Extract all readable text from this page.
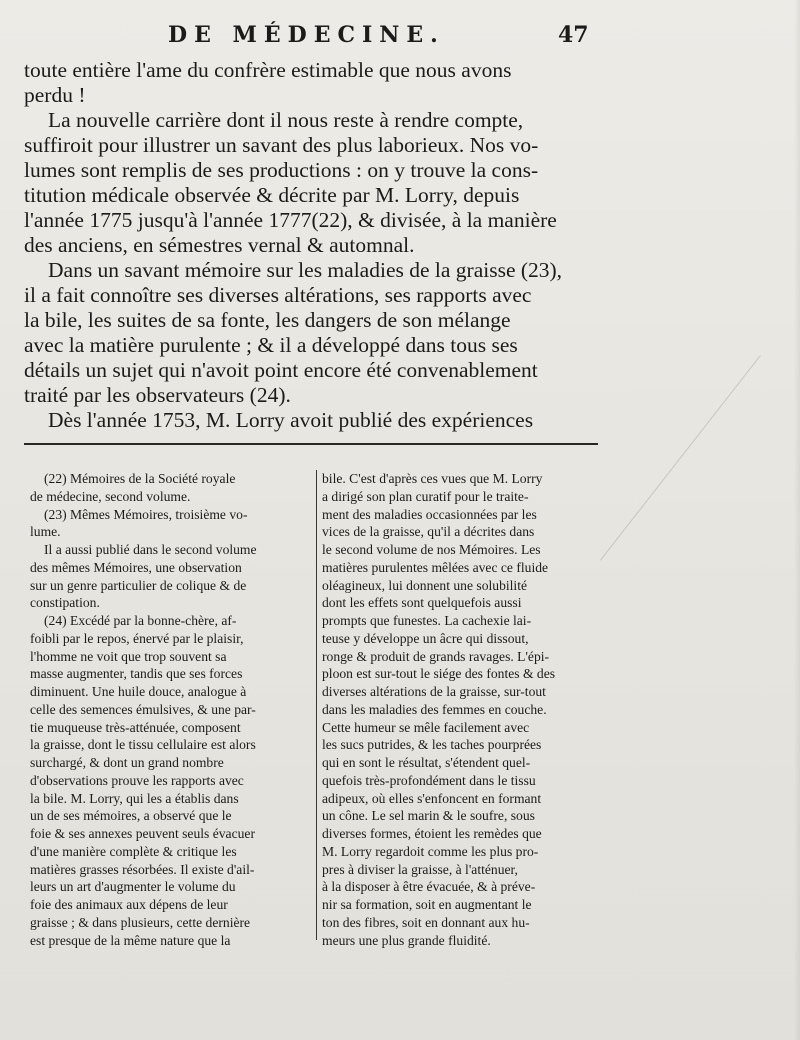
DE MÉDECINE.	47
toute entière l'ame du confrère estimable que nous avons
perdu !
La nouvelle carrière dont il nous reste à rendre compte,
suffiroit pour illustrer un savant des plus laborieux. Nos vo-
lumes sont remplis de ses productions : on y trouve la cons-
titution médicale observée & décrite par M. Lorry, depuis
l'année 1775 jusqu'à l'année 1777(22), & divisée, à la manière
des anciens, en sémestres vernal & automnal.
Dans un savant mémoire sur les maladies de la graisse (23),
il a fait connoître ses diverses altérations, ses rapports avec
la bile, les suites de sa fonte, les dangers de son mélange
avec la matière purulente ; & il a développé dans tous ses
détails un sujet qui n'avoit point encore été convenablement
traité par les observateurs (24).
Dès l'année 1753, M. Lorry avoit publié des expériences
(22) Mémoires de la Société royale
de médecine, second volume.
(23) Mêmes Mémoires, troisième vo-
lume.
Il a aussi publié dans le second volume
des mêmes Mémoires, une observation
sur un genre particulier de colique & de
constipation.
(24) Excédé par la bonne-chère, af-
foibli par le repos, énervé par le plaisir,
l'homme ne voit que trop souvent sa
masse augmenter, tandis que ses forces
diminuent. Une huile douce, analogue à
celle des semences émulsives, & une par-
tie muqueuse très-atténuée, composent
la graisse, dont le tissu cellulaire est alors
surchargé, & dont un grand nombre
d'observations prouve les rapports avec
la bile. M. Lorry, qui les a établis dans
un de ses mémoires, a observé que le
foie & ses annexes peuvent seuls évacuer
d'une manière complète & critique les
matières grasses résorbées. Il existe d'ail-
leurs un art d'augmenter le volume du
foie des animaux aux dépens de leur
graisse ; & dans plusieurs, cette dernière
est presque de la même nature que la
bile. C'est d'après ces vues que M. Lorry
a dirigé son plan curatif pour le traite-
ment des maladies occasionnées par les
vices de la graisse, qu'il a décrites dans
le second volume de nos Mémoires. Les
matières purulentes mêlées avec ce fluide
oléagineux, lui donnent une solubilité
dont les effets sont quelquefois aussi
prompts que funestes. La cachexie lai-
teuse y développe un âcre qui dissout,
ronge & produit de grands ravages. L'épi-
ploon est sur-tout le siége des fontes & des
diverses altérations de la graisse, sur-tout
dans les maladies des femmes en couche.
Cette humeur se mêle facilement avec
les sucs putrides, & les taches pourprées
qui en sont le résultat, s'étendent quel-
quefois très-profondément dans le tissu
adipeux, où elles s'enfoncent en formant
un cône. Le sel marin & le soufre, sous
diverses formes, étoient les remèdes que
M. Lorry regardoit comme les plus pro-
pres à diviser la graisse, à l'atténuer,
à la disposer à être évacuée, & à préve-
nir sa formation, soit en augmentant le
ton des fibres, soit en donnant aux hu-
meurs une plus grande fluidité.
